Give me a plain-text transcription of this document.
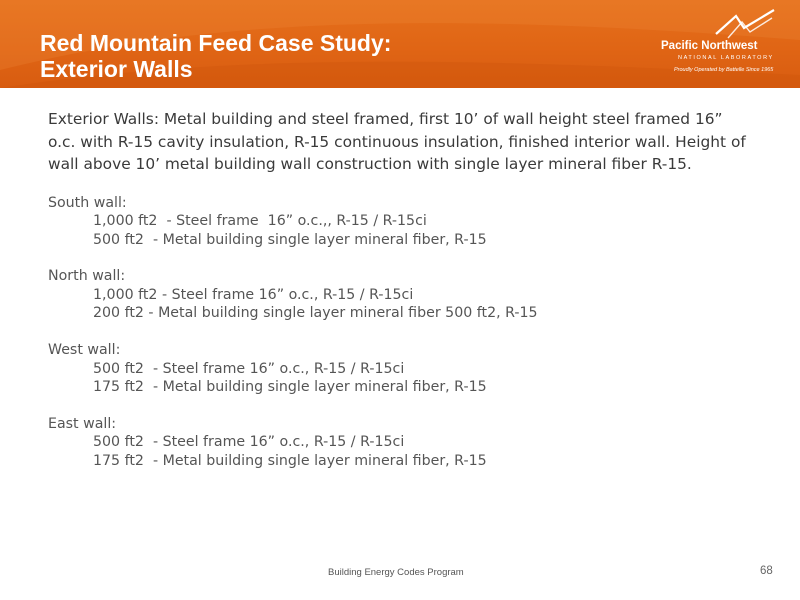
Red Mountain Feed Case Study:
Exterior Walls
Pacific Northwest
NATIONAL LABORATORY
Proudly Operated by Battelle Since 1965
Exterior Walls: Metal building and steel framed, first 10’ of wall height steel framed 16” o.c. with R-15 cavity insulation, R-15 continuous insulation, finished interior wall. Height of wall above 10’ metal building wall construction with single layer mineral fiber R-15.
South wall:
1,000 ft2  - Steel frame  16” o.c.,, R-15 / R-15ci
500 ft2  - Metal building single layer mineral fiber, R-15
North wall:
1,000 ft2 - Steel frame 16” o.c., R-15 / R-15ci
200 ft2 - Metal building single layer mineral fiber 500 ft2, R-15
West wall:
500 ft2  - Steel frame 16” o.c., R-15 / R-15ci
175 ft2  - Metal building single layer mineral fiber, R-15
East wall:
500 ft2  - Steel frame 16” o.c., R-15 / R-15ci
175 ft2  - Metal building single layer mineral fiber, R-15
Building Energy Codes Program	68
